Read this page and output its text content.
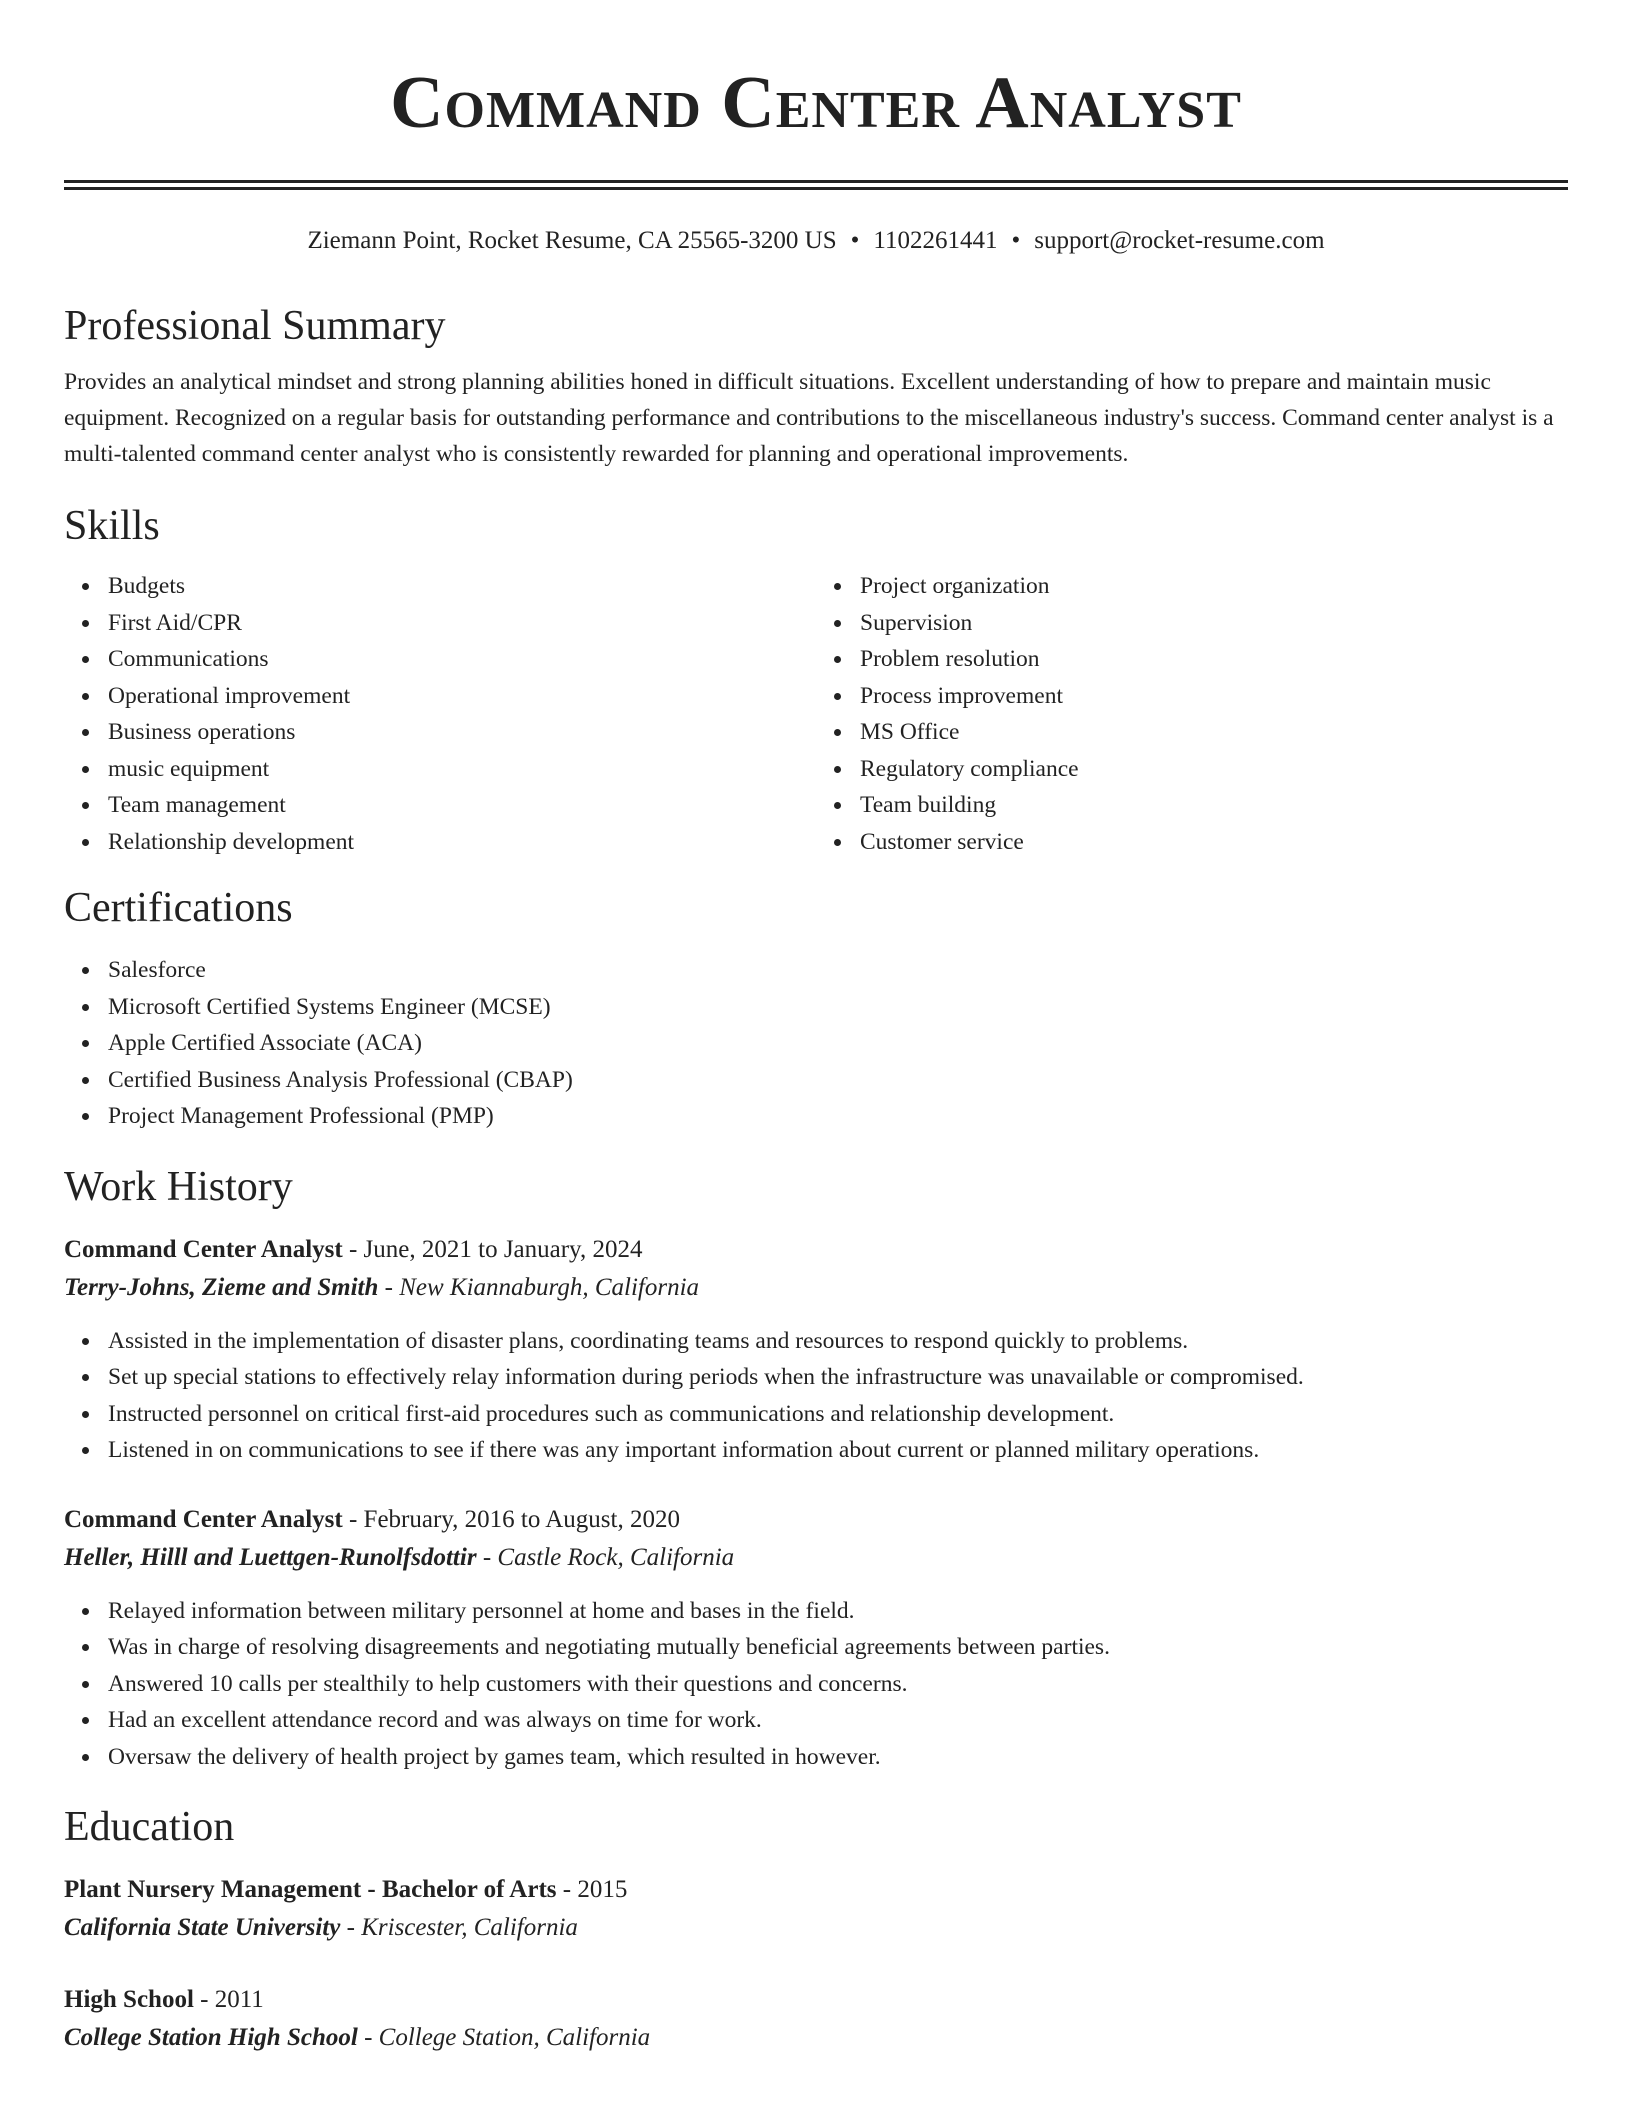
Command Center Analyst
Ziemann Point, Rocket Resume, CA 25565-3200 US • 1102261441 • support@rocket-resume.com
Professional Summary
Provides an analytical mindset and strong planning abilities honed in difficult situations. Excellent understanding of how to prepare and maintain music equipment. Recognized on a regular basis for outstanding performance and contributions to the miscellaneous industry's success. Command center analyst is a multi-talented command center analyst who is consistently rewarded for planning and operational improvements.
Skills
Budgets
First Aid/CPR
Communications
Operational improvement
Business operations
music equipment
Team management
Relationship development
Project organization
Supervision
Problem resolution
Process improvement
MS Office
Regulatory compliance
Team building
Customer service
Certifications
Salesforce
Microsoft Certified Systems Engineer (MCSE)
Apple Certified Associate (ACA)
Certified Business Analysis Professional (CBAP)
Project Management Professional (PMP)
Work History
Command Center Analyst - June, 2021 to January, 2024
Terry-Johns, Zieme and Smith - New Kiannaburgh, California
Assisted in the implementation of disaster plans, coordinating teams and resources to respond quickly to problems.
Set up special stations to effectively relay information during periods when the infrastructure was unavailable or compromised.
Instructed personnel on critical first-aid procedures such as communications and relationship development.
Listened in on communications to see if there was any important information about current or planned military operations.
Command Center Analyst - February, 2016 to August, 2020
Heller, Hilll and Luettgen-Runolfsdottir - Castle Rock, California
Relayed information between military personnel at home and bases in the field.
Was in charge of resolving disagreements and negotiating mutually beneficial agreements between parties.
Answered 10 calls per stealthily to help customers with their questions and concerns.
Had an excellent attendance record and was always on time for work.
Oversaw the delivery of health project by games team, which resulted in however.
Education
Plant Nursery Management - Bachelor of Arts - 2015
California State University - Kriscester, California
High School - 2011
College Station High School - College Station, California
